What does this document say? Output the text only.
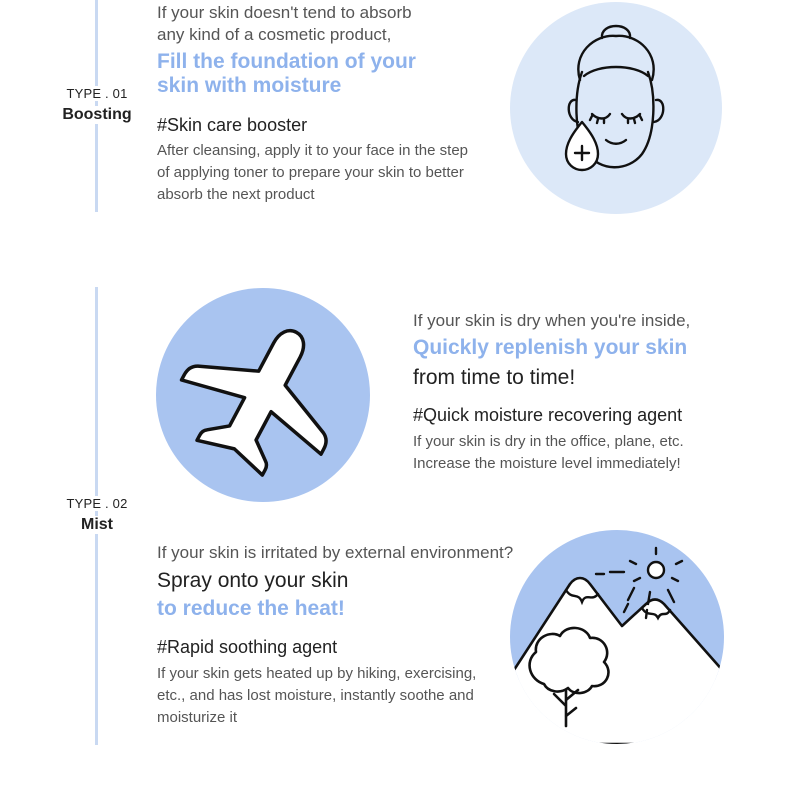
TYPE . 01
Boosting
If your skin doesn't tend to absorb
any kind of a cosmetic product,
Fill the foundation of your
skin with moisture
#Skin care booster
After cleansing, apply it to your face in the step
of applying toner to prepare your skin to better
absorb the next product
TYPE . 02
Mist
If your skin is dry when you're inside,
Quickly replenish your skin
from time to time!
#Quick moisture recovering agent
If your skin is dry in the office, plane, etc.
Increase the moisture level immediately!
If your skin is irritated by external environment?
Spray onto your skin
to reduce the heat!
#Rapid soothing agent
If your skin gets heated up by hiking, exercising,
etc., and has lost moisture, instantly soothe and
moisturize it
